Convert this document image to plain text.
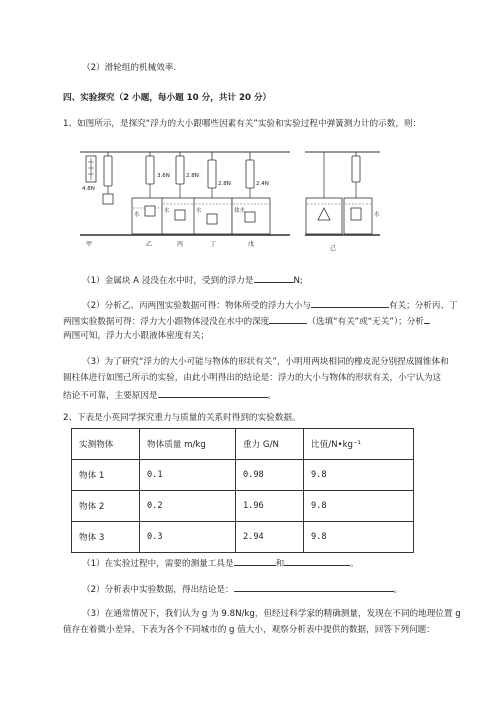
（2）滑轮组的机械效率.
四、实验探究（2 小题，每小题 10 分，共计 20 分）
1、如图所示，是探究“浮力的大小跟哪些因素有关”实验和实验过程中弹簧测力计的示数，则：
4.8N
3.6N	2.8N
2.8N	2.4N
水
水	水	盐水
水
甲	乙	丙	丁	戊
己
（1）金属块 A 浸没在水中时，受到的浮力是	N;
（2）分析乙、丙两图实验数据可得：物体所受的浮力大小与	有关；分析丙、丁
两图实验数据可得：浮力大小跟物体浸没在水中的深度	（选填“有关”或“无关”）；分析
两图可知，浮力大小跟液体密度有关；
（3）为了研究“浮力的大小可能与物体的形状有关”，小明用两块相同的橡皮泥分别捏成圆锥体和
圆柱体进行如图己所示的实验，由此小明得出的结论是：浮力的大小与物体的形状有关，小宁认为这
结论不可靠，主要原因是	。
2、下表是小英同学探究重力与质量的关系时得到的实验数据。
实测物体	物体质量 m/kg	重力 G/N	比值/N•kg⁻¹
物体 1	0.1	0.98	9.8
物体 2	0.2	1.96	9.8
物体 3	0.3	2.94	9.8
（1）在实验过程中，需要的测量工具是	和	。
（2）分析表中实验数据，得出结论是：	。
（3）在通常情况下，我们认为 g 为 9.8N/kg，但经过科学家的精确测量，发现在不同的地理位置 g
值存在着微小差异，下表为各个不同城市的 g 值大小，观察分析表中提供的数据，回答下列问题：
